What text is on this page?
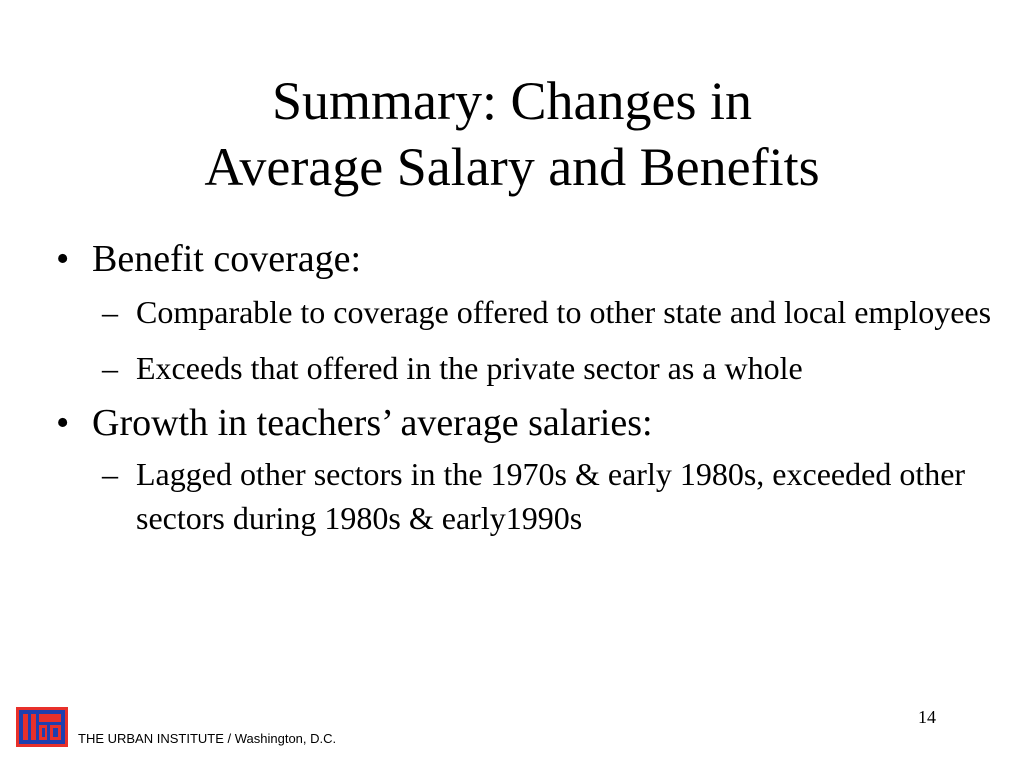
Summary: Changes in
Average Salary and Benefits
• Benefit coverage:
– Comparable to coverage offered to other state and local employees
– Exceeds that offered in the private sector as a whole
• Growth in teachers’ average salaries:
– Lagged other sectors in the 1970s & early 1980s, exceeded other sectors during 1980s & early1990s
14
THE URBAN INSTITUTE / Washington, D.C.
